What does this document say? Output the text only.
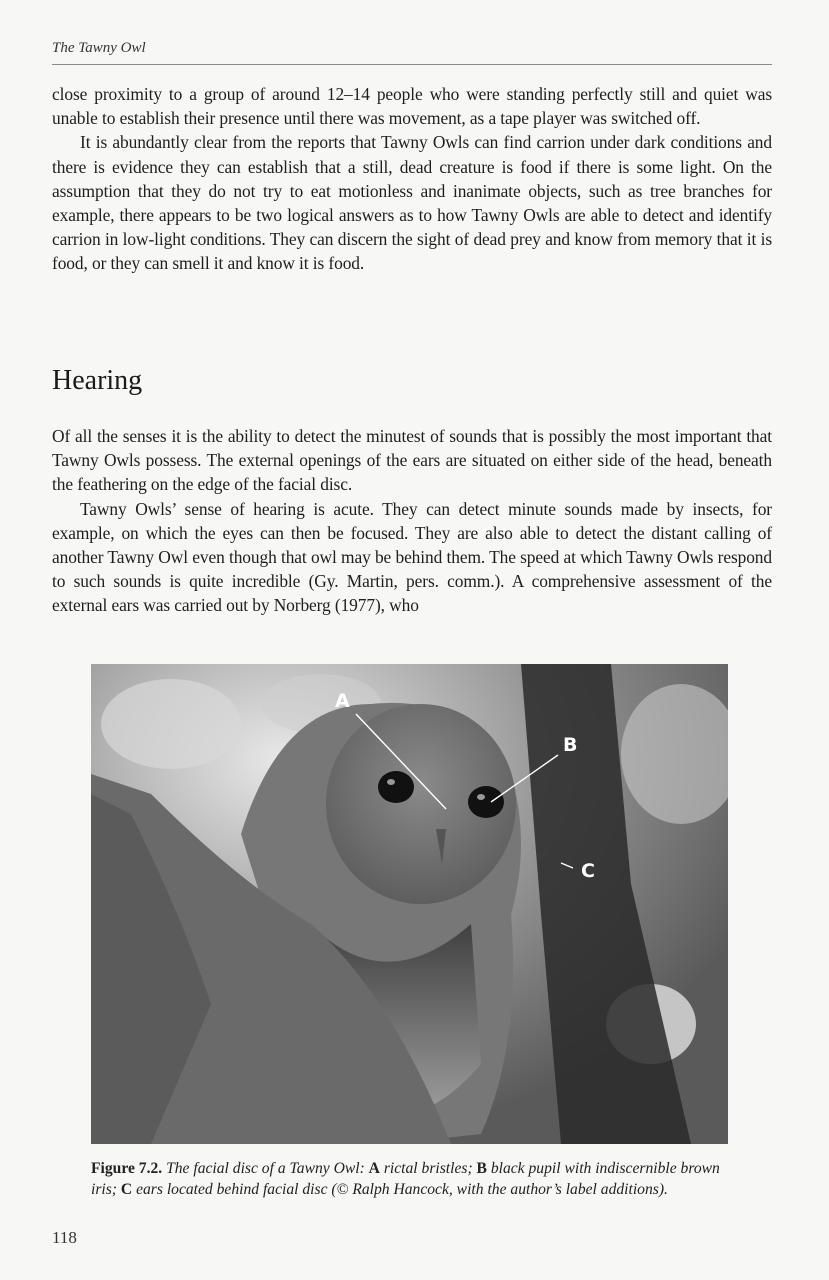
The Tawny Owl

close proximity to a group of around 12–14 people who were standing perfectly still and quiet was unable to establish their presence until there was movement, as a tape player was switched off.

It is abundantly clear from the reports that Tawny Owls can find carrion under dark conditions and there is evidence they can establish that a still, dead creature is food if there is some light. On the assumption that they do not try to eat motionless and inanimate objects, such as tree branches for example, there appears to be two logical answers as to how Tawny Owls are able to detect and identify carrion in low-light conditions. They can discern the sight of dead prey and know from memory that it is food, or they can smell it and know it is food.

Hearing

Of all the senses it is the ability to detect the minutest of sounds that is possibly the most important that Tawny Owls possess. The external openings of the ears are situated on either side of the head, beneath the feathering on the edge of the facial disc.

Tawny Owls’ sense of hearing is acute. They can detect minute sounds made by insects, for example, on which the eyes can then be focused. They are also able to detect the distant calling of another Tawny Owl even though that owl may be behind them. The speed at which Tawny Owls respond to such sounds is quite incredible (Gy. Martin, pers. comm.). A comprehensive assessment of the external ears was carried out by Norberg (1977), who

A
B
C
Figure 7.2. The facial disc of a Tawny Owl: A rictal bristles; B black pupil with indiscernible brown iris; C ears located behind facial disc (© Ralph Hancock, with the author’s label additions).
118
